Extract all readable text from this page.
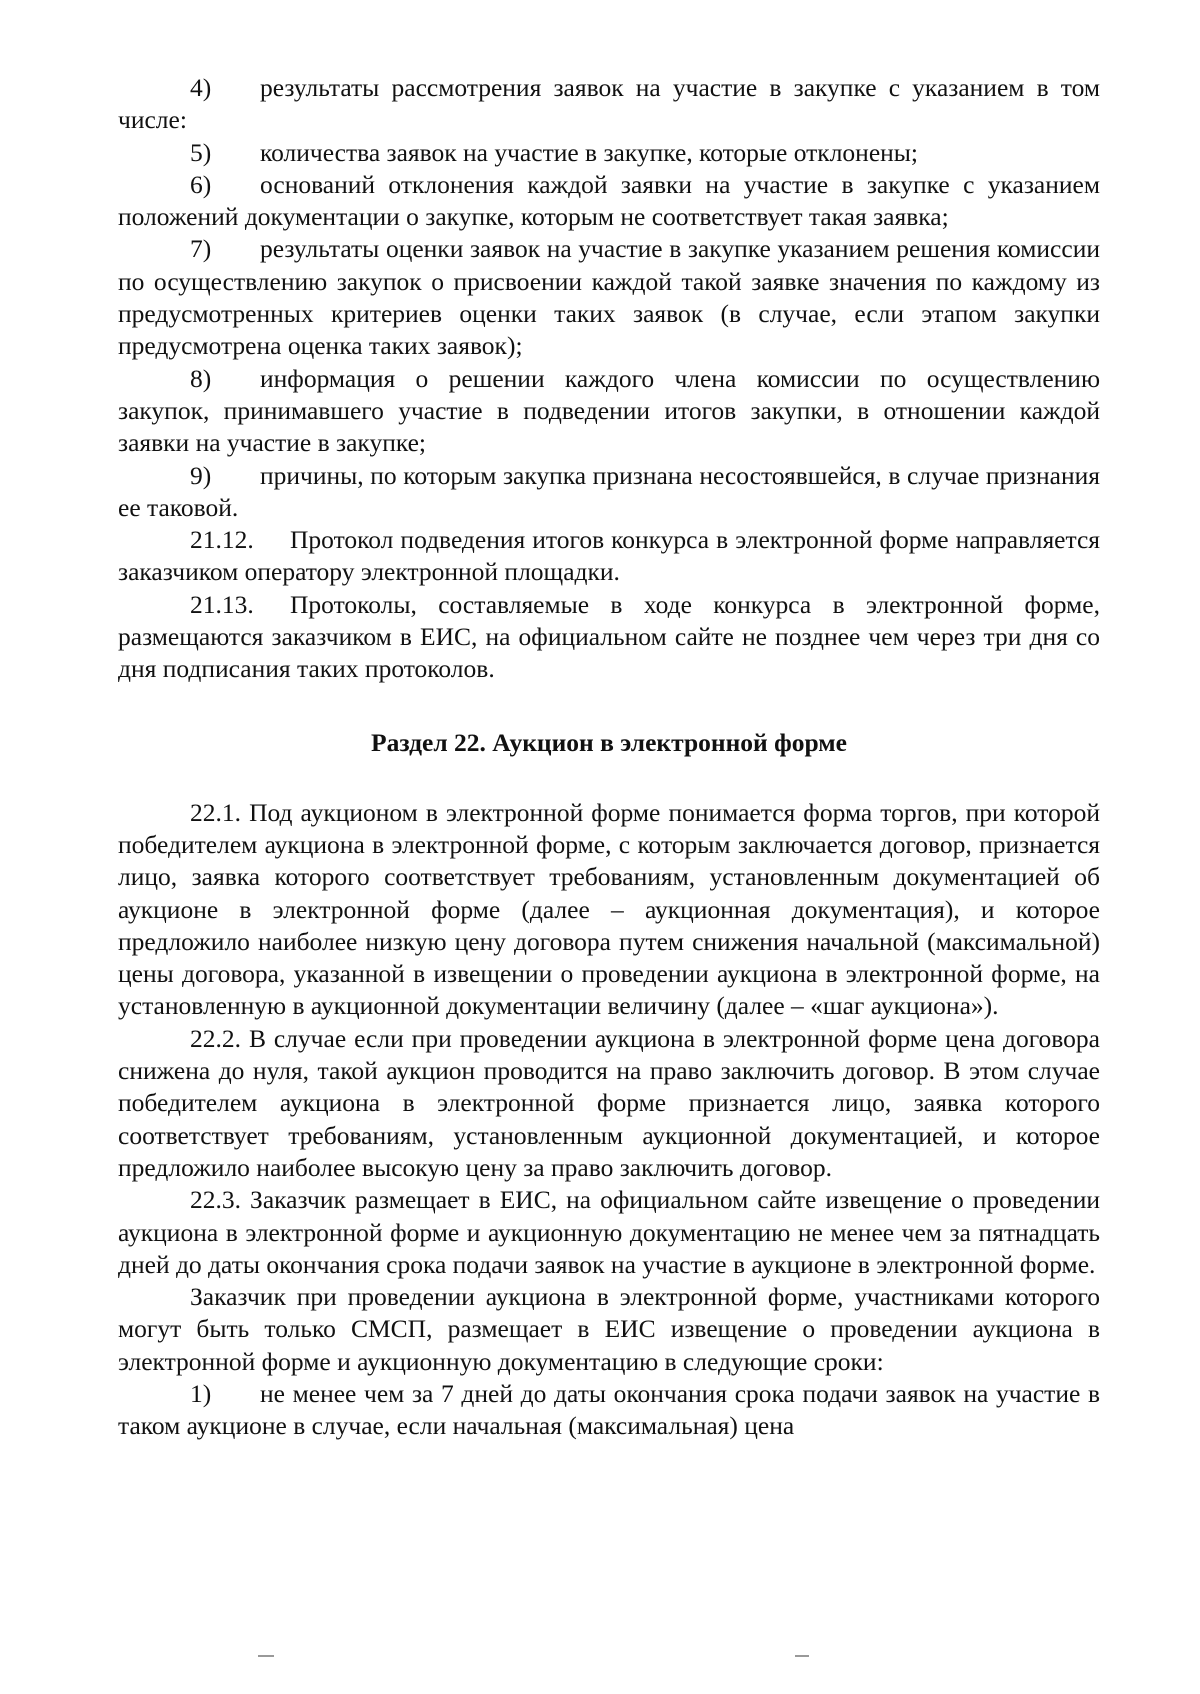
4) результаты рассмотрения заявок на участие в закупке с указанием в том числе:

5) количества заявок на участие в закупке, которые отклонены;

6) оснований отклонения каждой заявки на участие в закупке с указанием положений документации о закупке, которым не соответствует такая заявка;

7) результаты оценки заявок на участие в закупке указанием решения комиссии по осуществлению закупок о присвоении каждой такой заявке значения по каждому из предусмотренных критериев оценки таких заявок (в случае, если этапом закупки предусмотрена оценка таких заявок);

8) информация о решении каждого члена комиссии по осуществлению закупок, принимавшего участие в подведении итогов закупки, в отношении каждой заявки на участие в закупке;

9) причины, по которым закупка признана несостоявшейся, в случае признания ее таковой.

21.12. Протокол подведения итогов конкурса в электронной форме направляется заказчиком оператору электронной площадки.

21.13. Протоколы, составляемые в ходе конкурса в электронной форме, размещаются заказчиком в ЕИС, на официальном сайте не позднее чем через три дня со дня подписания таких протоколов.

Раздел 22. Аукцион в электронной форме

22.1. Под аукционом в электронной форме понимается форма торгов, при которой победителем аукциона в электронной форме, с которым заключается договор, признается лицо, заявка которого соответствует требованиям, установленным документацией об аукционе в электронной форме (далее – аукционная документация), и которое предложило наиболее низкую цену договора путем снижения начальной (максимальной) цены договора, указанной в извещении о проведении аукциона в электронной форме, на установленную в аукционной документации величину (далее – «шаг аукциона»).

22.2. В случае если при проведении аукциона в электронной форме цена договора снижена до нуля, такой аукцион проводится на право заключить договор. В этом случае победителем аукциона в электронной форме признается лицо, заявка которого соответствует требованиям, установленным аукционной документацией, и которое предложило наиболее высокую цену за право заключить договор.

22.3. Заказчик размещает в ЕИС, на официальном сайте извещение о проведении аукциона в электронной форме и аукционную документацию не менее чем за пятнадцать дней до даты окончания срока подачи заявок на участие в аукционе в электронной форме.

Заказчик при проведении аукциона в электронной форме, участниками которого могут быть только СМСП, размещает в ЕИС извещение о проведении аукциона в электронной форме и аукционную документацию в следующие сроки:

1) не менее чем за 7 дней до даты окончания срока подачи заявок на участие в таком аукционе в случае, если начальная (максимальная) цена
